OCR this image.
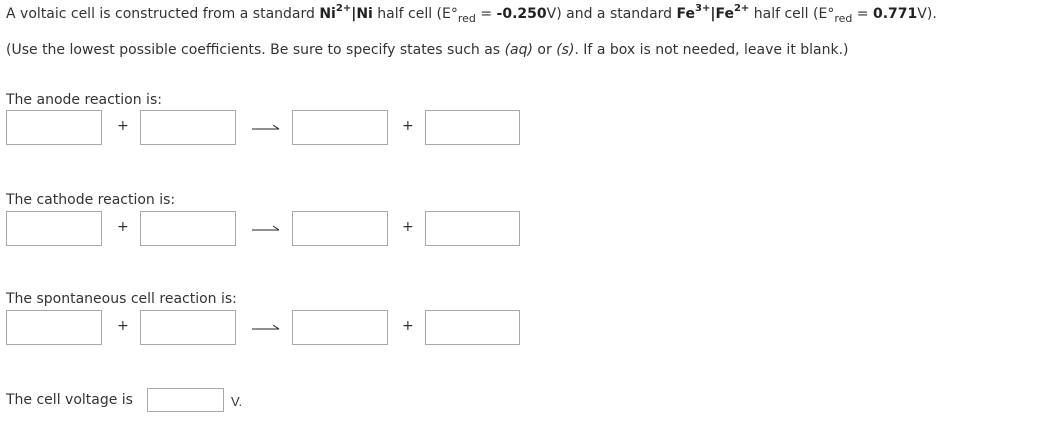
A voltaic cell is constructed from a standard $Ni^{2+}|Ni$ half cell $(E^\circ_{red} = -0.250V)$ and a standard $Fe^{3+}|Fe^{2+}$ half cell $(E^\circ_{red} = 0.771V)$.
(Use the lowest possible coefficients. Be sure to specify states such as (aq) or (s). If a box is not needed, leave it blank.)
The anode reaction is:
+	+
The cathode reaction is:
+	+
The spontaneous cell reaction is:
+	+
The cell voltage is	V.
